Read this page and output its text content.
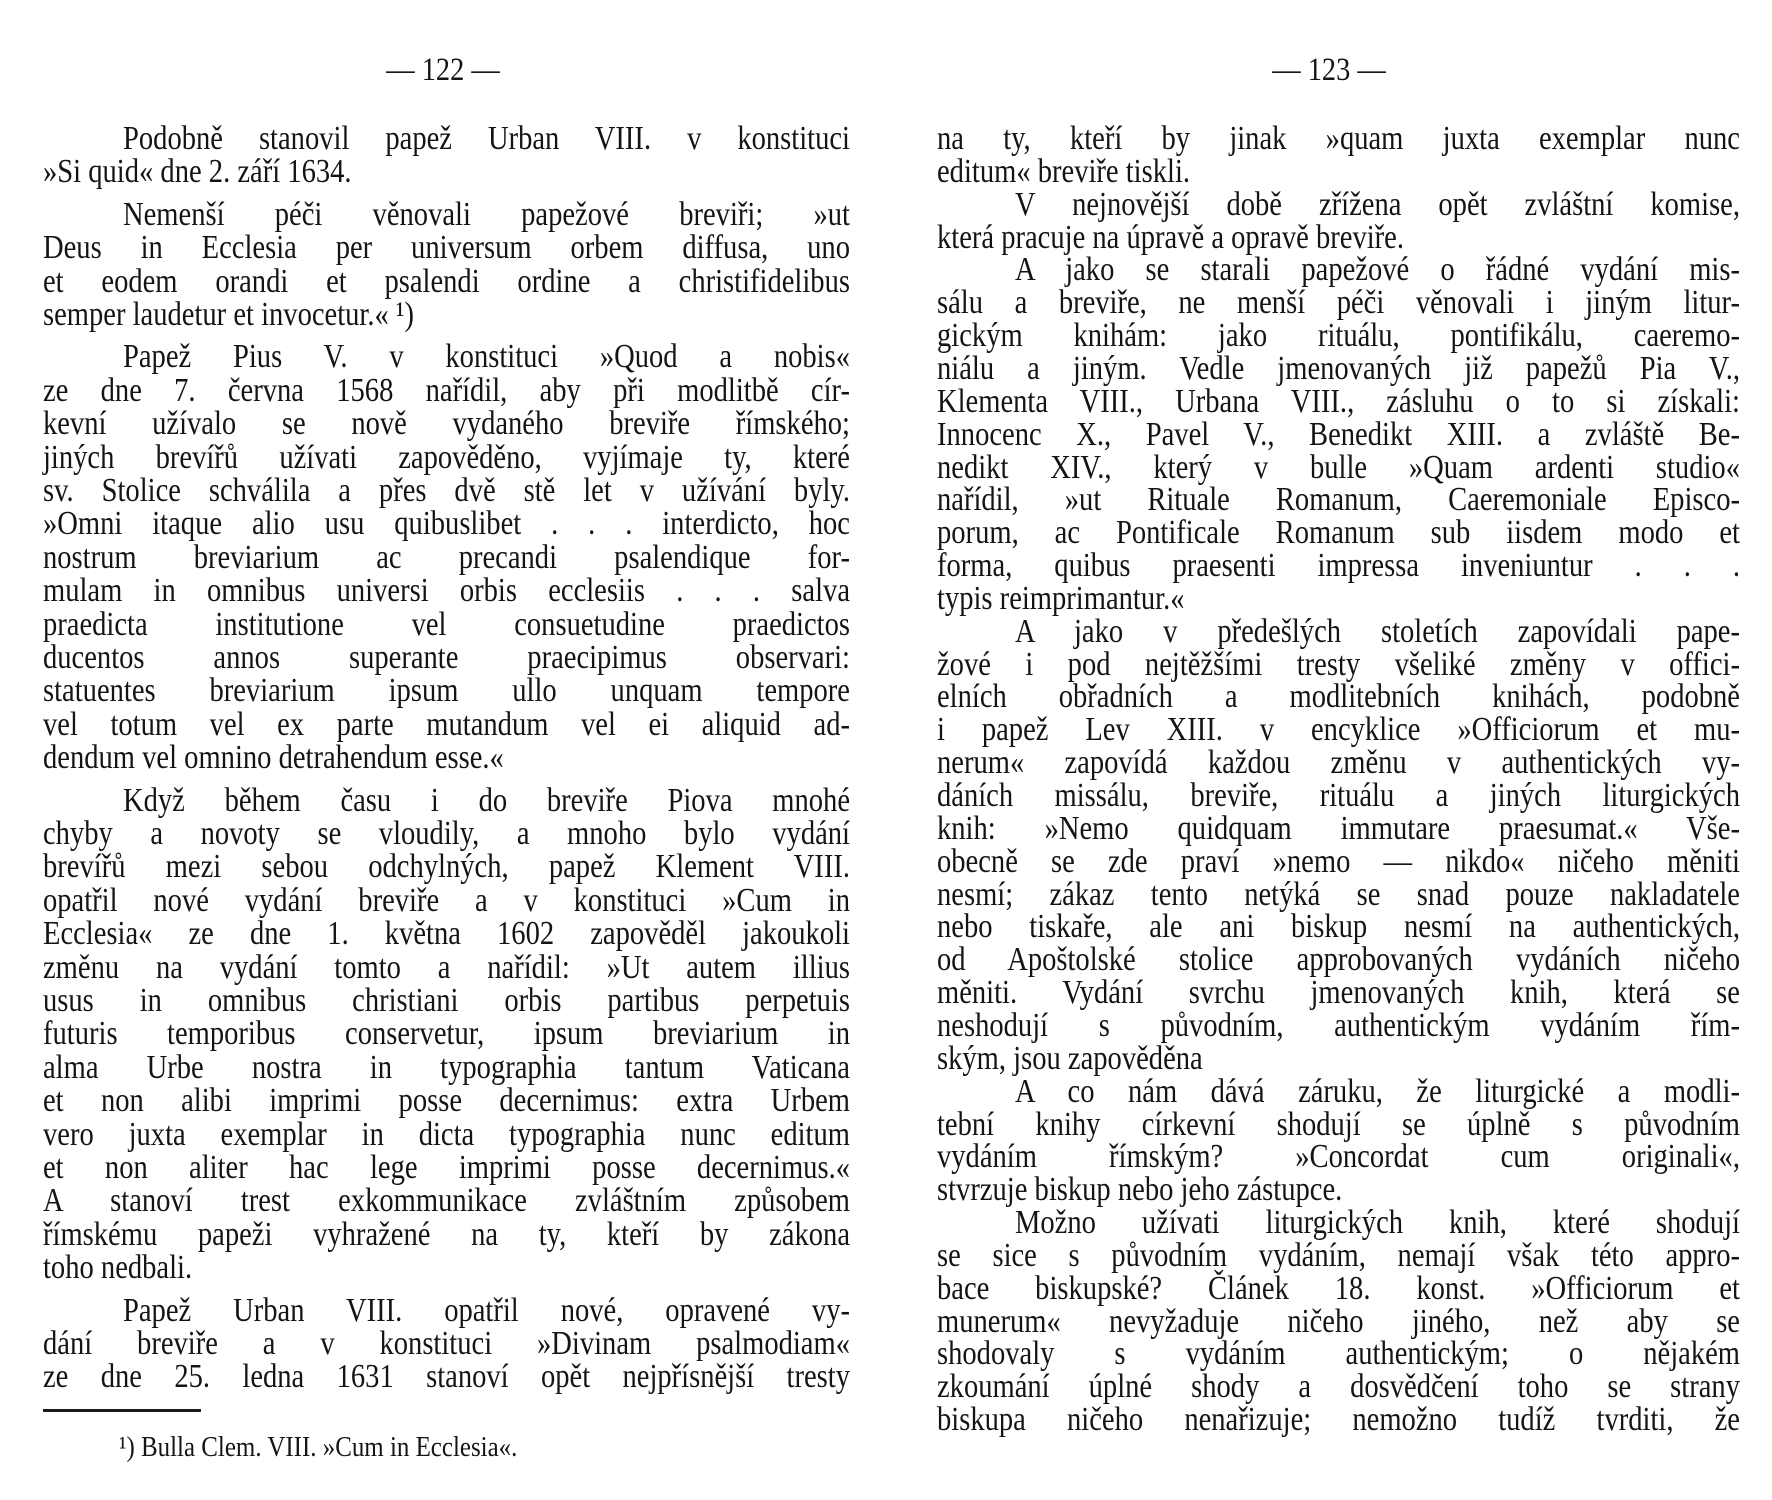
— 122 —	— 123 —
Podobně stanovil papež Urban VIII. v konstituci
»Si quid« dne 2. září 1634.
Nemenší péči věnovali papežové breviři; »ut
Deus in Ecclesia per universum orbem diffusa, uno
et eodem orandi et psalendi ordine a christifidelibus
semper laudetur et invocetur.« ¹)
Papež Pius V. v konstituci »Quod a nobis«
ze dne 7. června 1568 nařídil, aby při modlitbě cír-
kevní užívalo se nově vydaného breviře římského;
jiných brevířů užívati zapověděno, vyjímaje ty, které
sv. Stolice schválila a přes dvě stě let v užívání byly.
»Omni itaque alio usu quibuslibet . . . interdicto, hoc
nostrum breviarium ac precandi psalendique for-
mulam in omnibus universi orbis ecclesiis . . . salva
praedicta institutione vel consuetudine praedictos
ducentos annos superante praecipimus observari:
statuentes breviarium ipsum ullo unquam tempore
vel totum vel ex parte mutandum vel ei aliquid ad-
dendum vel omnino detrahendum esse.«
Když během času i do breviře Piova mnohé
chyby a novoty se vloudily, a mnoho bylo vydání
brevířů mezi sebou odchylných, papež Klement VIII.
opatřil nové vydání breviře a v konstituci »Cum in
Ecclesia« ze dne 1. května 1602 zapověděl jakoukoli
změnu na vydání tomto a nařídil: »Ut autem illius
usus in omnibus christiani orbis partibus perpetuis
futuris temporibus conservetur, ipsum breviarium in
alma Urbe nostra in typographia tantum Vaticana
et non alibi imprimi posse decernimus: extra Urbem
vero juxta exemplar in dicta typographia nunc editum
et non aliter hac lege imprimi posse decernimus.«
A stanoví trest exkommunikace zvláštním způsobem
římskému papeži vyhražené na ty, kteří by zákona
toho nedbali.
Papež Urban VIII. opatřil nové, opravené vy-
dání breviře a v konstituci »Divinam psalmodiam«
ze dne 25. ledna 1631 stanoví opět nejpřísnější tresty
na ty, kteří by jinak »quam juxta exemplar nunc
editum« breviře tiskli.
V nejnovější době zřížena opět zvláštní komise,
která pracuje na úpravě a opravě breviře.
A jako se starali papežové o řádné vydání mis-
sálu a breviře, ne menší péči věnovali i jiným litur-
gickým knihám: jako rituálu, pontifikálu, caeremo-
niálu a jiným. Vedle jmenovaných již papežů Pia V.,
Klementa VIII., Urbana VIII., zásluhu o to si získali:
Innocenc X., Pavel V., Benedikt XIII. a zvláště Be-
nedikt XIV., který v bulle »Quam ardenti studio«
nařídil, »ut Rituale Romanum, Caeremoniale Episco-
porum, ac Pontificale Romanum sub iisdem modo et
forma, quibus praesenti impressa inveniuntur . . .
typis reimprimantur.«
A jako v předešlých stoletích zapovídali pape-
žové i pod nejtěžšími tresty všeliké změny v offici-
elních obřadních a modlitebních knihách, podobně
i papež Lev XIII. v encyklice »Officiorum et mu-
nerum« zapovídá každou změnu v authentických vy-
dáních missálu, breviře, rituálu a jiných liturgických
knih: »Nemo quidquam immutare praesumat.« Vše-
obecně se zde praví »nemo — nikdo« ničeho měniti
nesmí; zákaz tento netýká se snad pouze nakladatele
nebo tiskaře, ale ani biskup nesmí na authentických,
od Apoštolské stolice approbovaných vydáních ničeho
měniti. Vydání svrchu jmenovaných knih, která se
neshodují s původním, authentickým vydáním řím-
ským, jsou zapověděna
A co nám dává záruku, že liturgické a modli-
tební knihy církevní shodují se úplně s původním
vydáním římským? »Concordat cum originali«,
stvrzuje biskup nebo jeho zástupce.
Možno užívati liturgických knih, které shodují
se sice s původním vydáním, nemají však této appro-
bace biskupské? Článek 18. konst. »Officiorum et
munerum« nevyžaduje ničeho jiného, než aby se
shodovaly s vydáním authentickým; o nějakém
zkoumání úplné shody a dosvědčení toho se strany
biskupa ničeho nenařizuje; nemožno tudíž tvrditi, že
¹) Bulla Clem. VIII. »Cum in Ecclesia«.
